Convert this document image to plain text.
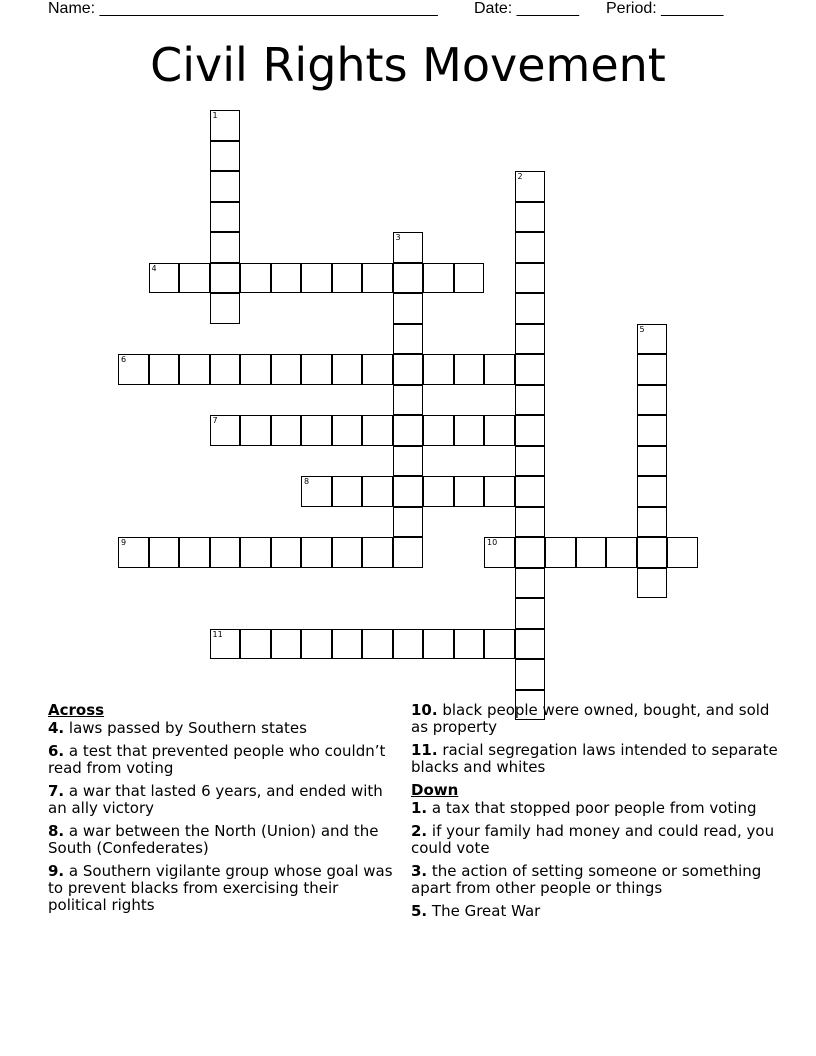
Name: ______________________________________ Date: _______ Period: _______
Civil Rights Movement
1
2
3
5
4
6
7
8
9	10
11
Across
4. laws passed by Southern states
6. a test that prevented people who couldn’t read from voting
7. a war that lasted 6 years, and ended with an ally victory
8. a war between the North (Union) and the South (Confederates)
9. a Southern vigilante group whose goal was to prevent blacks from exercising their political rights
10. black people were owned, bought, and sold as property
11. racial segregation laws intended to separate blacks and whites
Down
1. a tax that stopped poor people from voting
2. if your family had money and could read, you could vote
3. the action of setting someone or something apart from other people or things
5. The Great War
